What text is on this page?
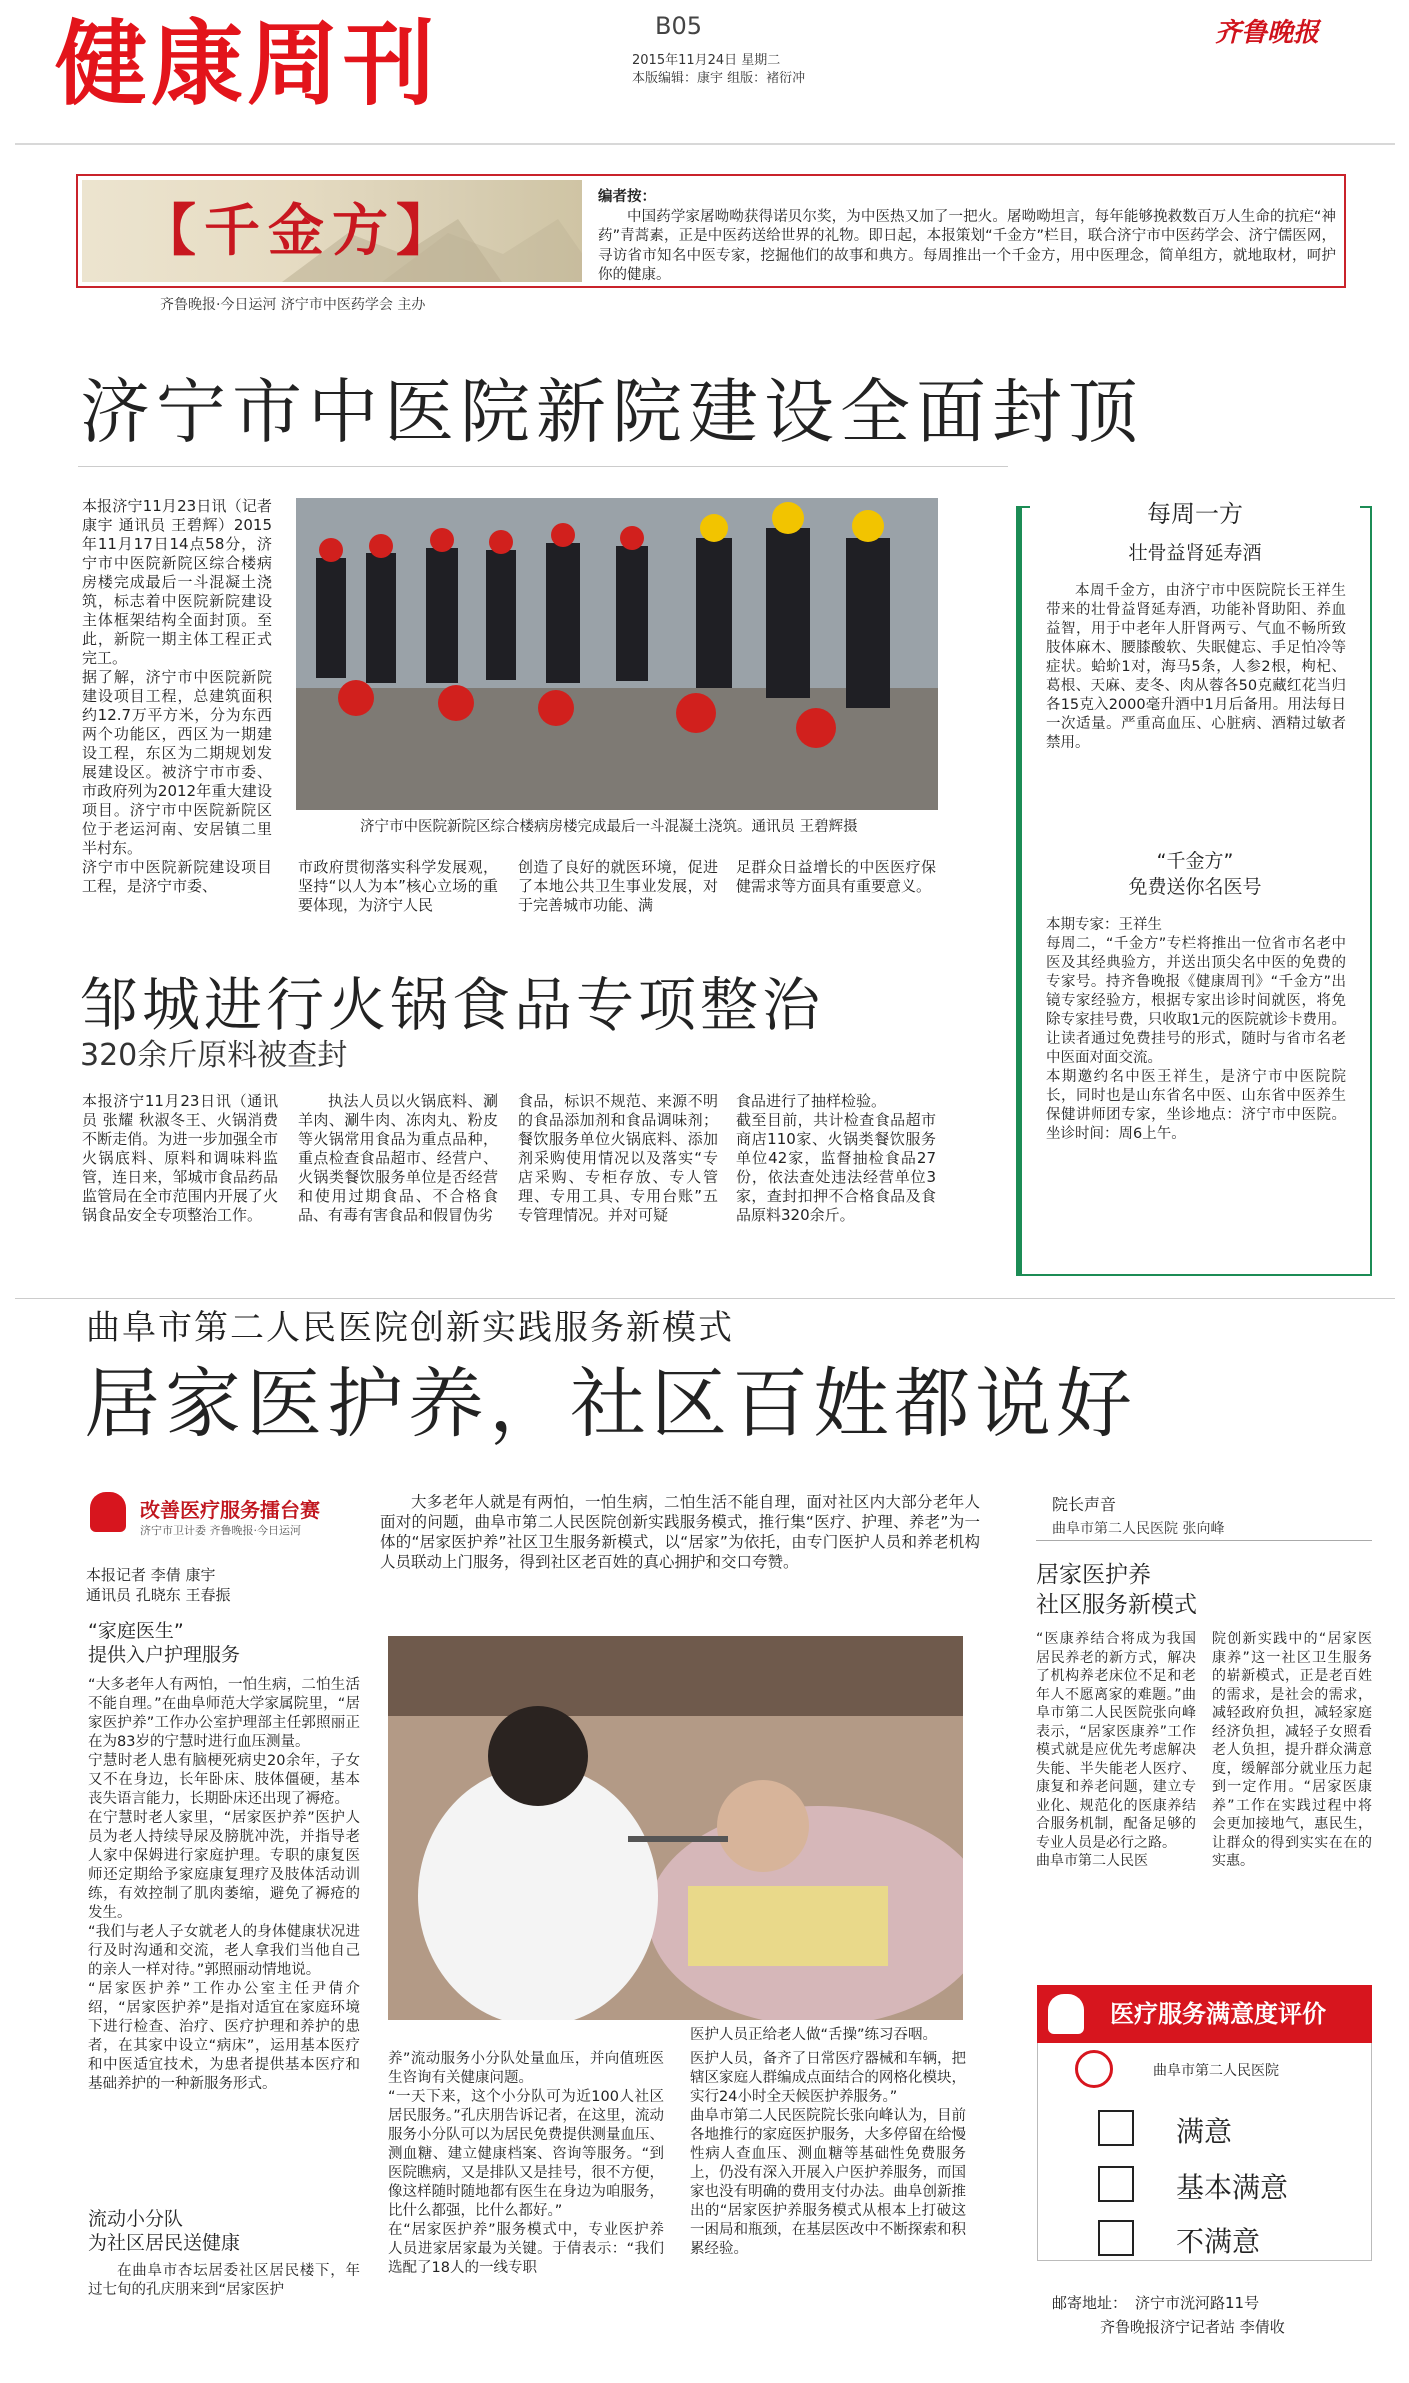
健康周刊	B05
2015年11月24日 星期二
本版编辑：康宇 组版：褚衍冲
齐鲁晚报
【千金方】
编者按：
中国药学家屠呦呦获得诺贝尔奖，为中医热又加了一把火。屠呦呦坦言，每年能够挽救数百万人生命的抗疟“神药”青蒿素，正是中医药送给世界的礼物。即日起，本报策划“千金方”栏目，联合济宁市中医药学会、济宁儒医网，寻访省市知名中医专家，挖掘他们的故事和典方。每周推出一个千金方，用中医理念，简单组方，就地取材，呵护你的健康。
齐鲁晚报·今日运河 济宁市中医药学会 主办
济宁市中医院新院建设全面封顶
本报济宁11月23日讯（记者 康宇 通讯员 王碧辉）2015年11月17日14点58分，济宁市中医院新院区综合楼病房楼完成最后一斗混凝土浇筑，标志着中医院新院建设主体框架结构全面封顶。至此，新院一期主体工程正式完工。
据了解，济宁市中医院新院建设项目工程，总建筑面积约12.7万平方米，分为东西两个功能区，西区为一期建设工程，东区为二期规划发展建设区。被济宁市市委、市政府列为2012年重大建设项目。济宁市中医院新院区位于老运河南、安居镇二里半村东。
济宁市中医院新院建设项目工程，是济宁市委、
济宁市中医院新院区综合楼病房楼完成最后一斗混凝土浇筑。通讯员 王碧辉摄
市政府贯彻落实科学发展观，坚持“以人为本”核心立场的重要体现，为济宁人民
创造了良好的就医环境，促进了本地公共卫生事业发展，对于完善城市功能、满
足群众日益增长的中医医疗保健需求等方面具有重要意义。
邹城进行火锅食品专项整治
320余斤原料被查封
本报济宁11月23日讯（通讯员 张耀 秋淑冬王、火锅消费不断走俏。为进一步加强全市火锅底料、原料和调味料监管，连日来，邹城市食品药品监管局在全市范围内开展了火锅食品安全专项整治工作。
执法人员以火锅底料、涮羊肉、涮牛肉、冻肉丸、粉皮等火锅常用食品为重点品种，重点检查食品超市、经营户、火锅类餐饮服务单位是否经营和使用过期食品、不合格食品、有毒有害食品和假冒伪劣
食品，标识不规范、来源不明的食品添加剂和食品调味剂；餐饮服务单位火锅底料、添加剂采购使用情况以及落实“专店采购、专柜存放、专人管理、专用工具、专用台账”五专管理情况。并对可疑
食品进行了抽样检验。
截至目前，共计检查食品超市商店110家、火锅类餐饮服务单位42家，监督抽检食品27份，依法查处违法经营单位3家，查封扣押不合格食品及食品原料320余斤。
每周一方
壮骨益肾延寿酒
本周千金方，由济宁市中医院院长王祥生带来的壮骨益肾延寿酒，功能补肾助阳、养血益智，用于中老年人肝肾两亏、气血不畅所致肢体麻木、腰膝酸软、失眠健忘、手足怕冷等症状。蛤蚧1对，海马5条，人参2根，枸杞、葛根、天麻、麦冬、肉从蓉各50克藏红花当归各15克入2000毫升酒中1月后备用。用法每日一次适量。严重高血压、心脏病、酒精过敏者禁用。
“千金方”
免费送你名医号
本期专家：王祥生
每周二，“千金方”专栏将推出一位省市名老中医及其经典验方，并送出顶尖名中医的免费的专家号。持齐鲁晚报《健康周刊》“千金方”出镜专家经验方，根据专家出诊时间就医，将免除专家挂号费，只收取1元的医院就诊卡费用。让读者通过免费挂号的形式，随时与省市名老中医面对面交流。
本期邀约名中医王祥生，是济宁市中医院院长，同时也是山东省名中医、山东省中医养生保健讲师团专家，坐诊地点：济宁市中医院。坐诊时间：周6上午。
曲阜市第二人民医院创新实践服务新模式
居家医护养，社区百姓都说好
改善医疗服务擂台赛
济宁市卫计委 齐鲁晚报·今日运河
本报记者 李倩 康宇
通讯员 孔晓东 王春振
“家庭医生”
提供入户护理服务
“大多老年人有两怕，一怕生病，二怕生活不能自理。”在曲阜师范大学家属院里，“居家医护养”工作办公室护理部主任郭照丽正在为83岁的宁慧时进行血压测量。
宁慧时老人患有脑梗死病史20余年，子女又不在身边，长年卧床、肢体僵硬，基本丧失语言能力，长期卧床还出现了褥疮。
在宁慧时老人家里，“居家医护养”医护人员为老人持续导尿及膀胱冲洗，并指导老人家中保姆进行家庭护理。专职的康复医师还定期给予家庭康复理疗及肢体活动训练，有效控制了肌肉萎缩，避免了褥疮的发生。
“我们与老人子女就老人的身体健康状况进行及时沟通和交流，老人拿我们当他自己的亲人一样对待。”郭照丽动情地说。
“居家医护养”工作办公室主任尹倩介绍，“居家医护养”是指对适宜在家庭环境下进行检查、治疗、医疗护理和养护的患者，在其家中设立“病床”，运用基本医疗和中医适宜技术，为患者提供基本医疗和基础养护的一种新服务形式。
流动小分队
为社区居民送健康
在曲阜市杏坛居委社区居民楼下，年过七旬的孔庆朋来到“居家医护
大多老年人就是有两怕，一怕生病，二怕生活不能自理，面对社区内大部分老年人面对的问题，曲阜市第二人民医院创新实践服务模式，推行集“医疗、护理、养老”为一体的“居家医护养”社区卫生服务新模式，以“居家”为依托，由专门医护人员和养老机构人员联动上门服务，得到社区老百姓的真心拥护和交口夸赞。
医护人员正给老人做“舌操”练习吞咽。
养”流动服务小分队处量血压，并向值班医生咨询有关健康问题。
“一天下来，这个小分队可为近100人社区居民服务。”孔庆朋告诉记者，在这里，流动服务小分队可以为居民免费提供测量血压、测血糖、建立健康档案、咨询等服务。“到医院瞧病，又是排队又是挂号，很不方便，像这样随时随地都有医生在身边为咱服务，比什么都强，比什么都好。”
在“居家医护养”服务模式中，专业医护养人员进家居家最为关键。于倩表示：“我们选配了18人的一线专职
医护人员，备齐了日常医疗器械和车辆，把辖区家庭人群编成点面结合的网格化模块，实行24小时全天候医护养服务。”
曲阜市第二人民医院院长张向峰认为，目前各地推行的家庭医护服务，大多停留在给慢性病人查血压、测血糖等基础性免费服务上，仍没有深入开展入户医护养服务，而国家也没有明确的费用支付办法。曲阜创新推出的“居家医护养服务模式从根本上打破这一困局和瓶颈，在基层医改中不断探索和积累经验。
院长声音
曲阜市第二人民医院 张向峰
居家医护养
社区服务新模式
“医康养结合将成为我国居民养老的新方式，解决了机构养老床位不足和老年人不愿离家的难题。”曲阜市第二人民医院张向峰表示，“居家医康养”工作模式就是应优先考虑解决失能、半失能老人医疗、康复和养老问题，建立专业化、规范化的医康养结合服务机制，配备足够的专业人员是必行之路。
曲阜市第二人民医
院创新实践中的“居家医康养”这一社区卫生服务的崭新模式，正是老百姓的需求，是社会的需求，减轻政府负担，减轻家庭经济负担，减轻子女照看老人负担，提升群众满意度，缓解部分就业压力起到一定作用。“居家医康养”工作在实践过程中将会更加接地气，惠民生，让群众的得到实实在在的实惠。
医疗服务满意度评价
曲阜市第二人民医院
满意
基本满意
不满意
邮寄地址： 济宁市洸河路11号
齐鲁晚报济宁记者站 李倩收
